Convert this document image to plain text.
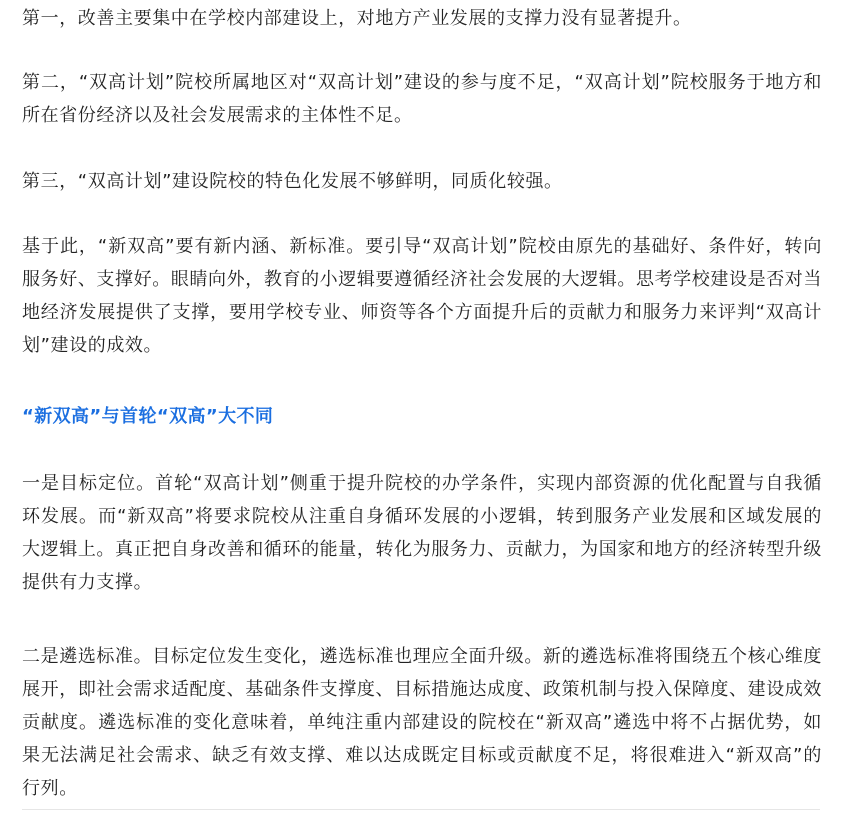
第一，改善主要集中在学校内部建设上，对地方产业发展的支撑力没有显著提升。

第二，“双高计划”院校所属地区对“双高计划”建设的参与度不足，“双高计划”院校服务于地方和所在省份经济以及社会发展需求的主体性不足。

第三，“双高计划”建设院校的特色化发展不够鲜明，同质化较强。

基于此，“新双高”要有新内涵、新标准。要引导“双高计划”院校由原先的基础好、条件好，转向服务好、支撑好。眼睛向外，教育的小逻辑要遵循经济社会发展的大逻辑。思考学校建设是否对当地经济发展提供了支撑，要用学校专业、师资等各个方面提升后的贡献力和服务力来评判“双高计划”建设的成效。

“新双高”与首轮“双高”大不同

一是目标定位。首轮“双高计划”侧重于提升院校的办学条件，实现内部资源的优化配置与自我循环发展。而“新双高”将要求院校从注重自身循环发展的小逻辑，转到服务产业发展和区域发展的大逻辑上。真正把自身改善和循环的能量，转化为服务力、贡献力，为国家和地方的经济转型升级提供有力支撑。

二是遴选标准。目标定位发生变化，遴选标准也理应全面升级。新的遴选标准将围绕五个核心维度展开，即社会需求适配度、基础条件支撑度、目标措施达成度、政策机制与投入保障度、建设成效贡献度。遴选标准的变化意味着，单纯注重内部建设的院校在“新双高”遴选中将不占据优势，如果无法满足社会需求、缺乏有效支撑、难以达成既定目标或贡献度不足，将很难进入“新双高”的行列。
